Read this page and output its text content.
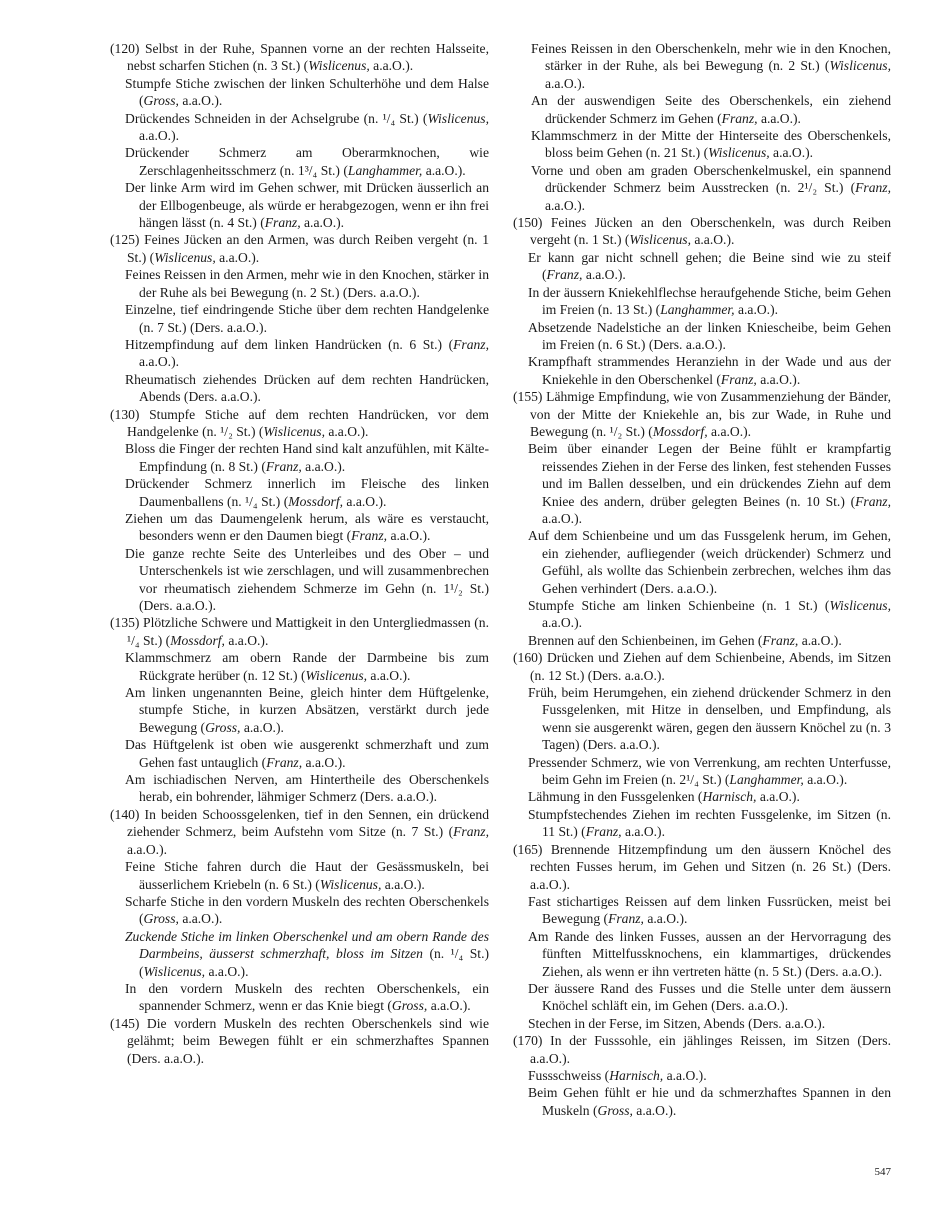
(120) Selbst in der Ruhe, Spannen vorne an der rechten Halsseite, nebst scharfen Stichen (n. 3 St.) (Wislicenus, a.a.O.).

Stumpfe Stiche zwischen der linken Schulterhöhe und dem Halse (Gross, a.a.O.).

Drückendes Schneiden in der Achselgrube (n. ¹/₄ St.) (Wislicenus, a.a.O.).

Drückender Schmerz am Oberarmknochen, wie Zerschlagenheitsschmerz (n. 1³/₄ St.) (Langhammer, a.a.O.).

Der linke Arm wird im Gehen schwer, mit Drücken äusserlich an der Ellbogenbeuge, als würde er herabgezogen, wenn er ihn frei hängen lässt (n. 4 St.) (Franz, a.a.O.).

(125) Feines Jücken an den Armen, was durch Reiben vergeht (n. 1 St.) (Wislicenus, a.a.O.).

Feines Reissen in den Armen, mehr wie in den Knochen, stärker in der Ruhe als bei Bewegung (n. 2 St.) (Ders. a.a.O.).

Einzelne, tief eindringende Stiche über dem rechten Handgelenke (n. 7 St.) (Ders. a.a.O.).

Hitzempfindung auf dem linken Handrücken (n. 6 St.) (Franz, a.a.O.).

Rheumatisch ziehendes Drücken auf dem rechten Handrücken, Abends (Ders. a.a.O.).

(130) Stumpfe Stiche auf dem rechten Handrücken, vor dem Handgelenke (n. ¹/₂ St.) (Wislicenus, a.a.O.).

Bloss die Finger der rechten Hand sind kalt anzufühlen, mit Kälte-Empfindung (n. 8 St.) (Franz, a.a.O.).

Drückender Schmerz innerlich im Fleische des linken Daumenballens (n. ¹/₄ St.) (Mossdorf, a.a.O.).

Ziehen um das Daumengelenk herum, als wäre es verstaucht, besonders wenn er den Daumen biegt (Franz, a.a.O.).

Die ganze rechte Seite des Unterleibes und des Ober – und Unterschenkels ist wie zerschlagen, und will zusammenbrechen vor rheumatisch ziehendem Schmerze im Gehn (n. 1¹/₂ St.) (Ders. a.a.O.).

(135) Plötzliche Schwere und Mattigkeit in den Untergliedmassen (n. ¹/₄ St.) (Mossdorf, a.a.O.).

Klammschmerz am obern Rande der Darmbeine bis zum Rückgrate herüber (n. 12 St.) (Wislicenus, a.a.O.).

Am linken ungenannten Beine, gleich hinter dem Hüftgelenke, stumpfe Stiche, in kurzen Absätzen, verstärkt durch jede Bewegung (Gross, a.a.O.).

Das Hüftgelenk ist oben wie ausgerenkt schmerzhaft und zum Gehen fast untauglich (Franz, a.a.O.).

Am ischiadischen Nerven, am Hintertheile des Oberschenkels herab, ein bohrender, lähmiger Schmerz (Ders. a.a.O.).

(140) In beiden Schoossgelenken, tief in den Sennen, ein drückend ziehender Schmerz, beim Aufstehn vom Sitze (n. 7 St.) (Franz, a.a.O.).

Feine Stiche fahren durch die Haut der Gesässmuskeln, bei äusserlichem Kriebeln (n. 6 St.) (Wislicenus, a.a.O.).

Scharfe Stiche in den vordern Muskeln des rechten Oberschenkels (Gross, a.a.O.).

Zuckende Stiche im linken Oberschenkel und am obern Rande des Darmbeins, äusserst schmerzhaft, bloss im Sitzen (n. ¹/₄ St.) (Wislicenus, a.a.O.).

In den vordern Muskeln des rechten Oberschenkels, ein spannender Schmerz, wenn er das Knie biegt (Gross, a.a.O.).

(145) Die vordern Muskeln des rechten Oberschenkels sind wie gelähmt; beim Bewegen fühlt er ein schmerzhaftes Spannen (Ders. a.a.O.).

Feines Reissen in den Oberschenkeln, mehr wie in den Knochen, stärker in der Ruhe, als bei Bewegung (n. 2 St.) (Wislicenus, a.a.O.).

An der auswendigen Seite des Oberschenkels, ein ziehend drückender Schmerz im Gehen (Franz, a.a.O.).

Klammschmerz in der Mitte der Hinterseite des Oberschenkels, bloss beim Gehen (n. 21 St.) (Wislicenus, a.a.O.).

Vorne und oben am graden Oberschenkelmuskel, ein spannend drückender Schmerz beim Ausstrecken (n. 2¹/₂ St.) (Franz, a.a.O.).

(150) Feines Jücken an den Oberschenkeln, was durch Reiben vergeht (n. 1 St.) (Wislicenus, a.a.O.).

Er kann gar nicht schnell gehen; die Beine sind wie zu steif (Franz, a.a.O.).

In der äussern Kniekehlflechse heraufgehende Stiche, beim Gehen im Freien (n. 13 St.) (Langhammer, a.a.O.).

Absetzende Nadelstiche an der linken Kniescheibe, beim Gehen im Freien (n. 6 St.) (Ders. a.a.O.).

Krampfhaft strammendes Heranziehn in der Wade und aus der Kniekehle in den Oberschenkel (Franz, a.a.O.).

(155) Lähmige Empfindung, wie von Zusammenziehung der Bänder, von der Mitte der Kniekehle an, bis zur Wade, in Ruhe und Bewegung (n. ¹/₂ St.) (Mossdorf, a.a.O.).

Beim über einander Legen der Beine fühlt er krampfartig reissendes Ziehen in der Ferse des linken, fest stehenden Fusses und im Ballen desselben, und ein drückendes Ziehn auf dem Kniee des andern, drüber gelegten Beines (n. 10 St.) (Franz, a.a.O.).

Auf dem Schienbeine und um das Fussgelenk herum, im Gehen, ein ziehender, aufliegender (weich drückender) Schmerz und Gefühl, als wollte das Schienbein zerbrechen, welches ihm das Gehen verhindert (Ders. a.a.O.).

Stumpfe Stiche am linken Schienbeine (n. 1 St.) (Wislicenus, a.a.O.).

Brennen auf den Schienbeinen, im Gehen (Franz, a.a.O.).

(160) Drücken und Ziehen auf dem Schienbeine, Abends, im Sitzen (n. 12 St.) (Ders. a.a.O.).

Früh, beim Herumgehen, ein ziehend drückender Schmerz in den Fussgelenken, mit Hitze in denselben, und Empfindung, als wenn sie ausgerenkt wären, gegen den äussern Knöchel zu (n. 3 Tagen) (Ders. a.a.O.).

Pressender Schmerz, wie von Verrenkung, am rechten Unterfusse, beim Gehn im Freien (n. 2¹/₄ St.) (Langhammer, a.a.O.).

Lähmung in den Fussgelenken (Harnisch, a.a.O.).

Stumpfstechendes Ziehen im rechten Fussgelenke, im Sitzen (n. 11 St.) (Franz, a.a.O.).

(165) Brennende Hitzempfindung um den äussern Knöchel des rechten Fusses herum, im Gehen und Sitzen (n. 26 St.) (Ders. a.a.O.).

Fast stichartiges Reissen auf dem linken Fussrücken, meist bei Bewegung (Franz, a.a.O.).

Am Rande des linken Fusses, aussen an der Hervorragung des fünften Mittelfussknochens, ein klammartiges, drückendes Ziehen, als wenn er ihn vertreten hätte (n. 5 St.) (Ders. a.a.O.).

Der äussere Rand des Fusses und die Stelle unter dem äussern Knöchel schläft ein, im Gehen (Ders. a.a.O.).

Stechen in der Ferse, im Sitzen, Abends (Ders. a.a.O.).

(170) In der Fusssohle, ein jählinges Reissen, im Sitzen (Ders. a.a.O.).

Fussschweiss (Harnisch, a.a.O.).

Beim Gehen fühlt er hie und da schmerzhaftes Spannen in den Muskeln (Gross, a.a.O.).

547
